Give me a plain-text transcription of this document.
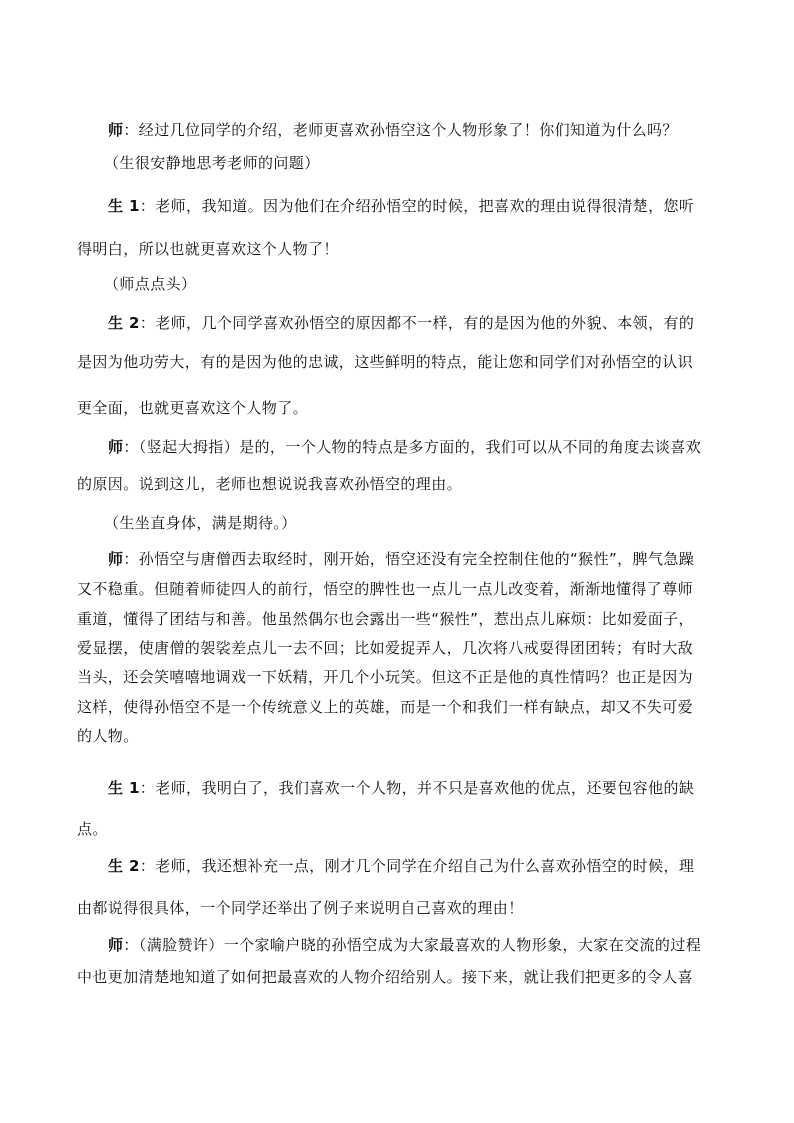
师：经过几位同学的介绍，老师更喜欢孙悟空这个人物形象了！你们知道为什么吗？
（生很安静地思考老师的问题）
生 1：老师，我知道。因为他们在介绍孙悟空的时候，把喜欢的理由说得很清楚，您听
得明白，所以也就更喜欢这个人物了！
（师点点头）
生 2：老师，几个同学喜欢孙悟空的原因都不一样，有的是因为他的外貌、本领，有的
是因为他功劳大，有的是因为他的忠诚，这些鲜明的特点，能让您和同学们对孙悟空的认识
更全面，也就更喜欢这个人物了。
师：（竖起大拇指）是的，一个人物的特点是多方面的，我们可以从不同的角度去谈喜欢
的原因。说到这儿，老师也想说说我喜欢孙悟空的理由。
（生坐直身体，满是期待。）
师：孙悟空与唐僧西去取经时，刚开始，悟空还没有完全控制住他的“猴性”，脾气急躁
又不稳重。但随着师徒四人的前行，悟空的脾性也一点儿一点儿改变着，渐渐地懂得了尊师
重道，懂得了团结与和善。他虽然偶尔也会露出一些“猴性”，惹出点儿麻烦：比如爱面子，
爱显摆，使唐僧的袈裟差点儿一去不回；比如爱捉弄人，几次将八戒耍得团团转；有时大敌
当头，还会笑嘻嘻地调戏一下妖精，开几个小玩笑。但这不正是他的真性情吗？也正是因为
这样，使得孙悟空不是一个传统意义上的英雄，而是一个和我们一样有缺点，却又不失可爱
的人物。
生 1：老师，我明白了，我们喜欢一个人物，并不只是喜欢他的优点，还要包容他的缺
点。
生 2：老师，我还想补充一点，刚才几个同学在介绍自己为什么喜欢孙悟空的时候，理
由都说得很具体，一个同学还举出了例子来说明自己喜欢的理由！
师：（满脸赞许）一个家喻户晓的孙悟空成为大家最喜欢的人物形象，大家在交流的过程
中也更加清楚地知道了如何把最喜欢的人物介绍给别人。接下来，就让我们把更多的令人喜
